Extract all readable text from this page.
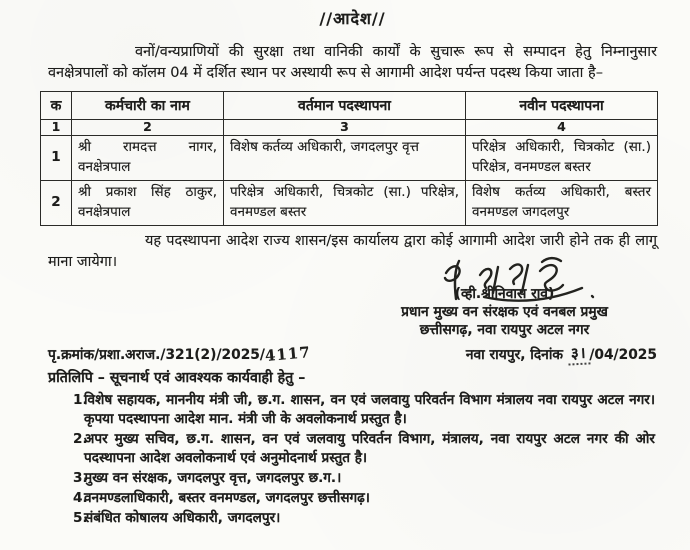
//आदेश//

वनों/वन्यप्राणियों की सुरक्षा तथा वानिकी कार्यों के सुचारू रूप से सम्पादन हेतु निम्नानुसार वनक्षेत्रपालों को कॉलम 04 में दर्शित स्थान पर अस्थायी रूप से आगामी आदेश पर्यन्त पदस्थ किया जाता है–

क	कर्मचारी का नाम	वर्तमान पदस्थापना	नवीन पदस्थापना
1	2	3	4
1	श्री रामदत्त नागर, वनक्षेत्रपाल	विशेष कर्तव्य अधिकारी, जगदलपुर वृत्त	परिक्षेत्र अधिकारी, चित्रकोट (सा.) परिक्षेत्र, वनमण्डल बस्तर
2	श्री प्रकाश सिंह ठाकुर, वनक्षेत्रपाल	परिक्षेत्र अधिकारी, चित्रकोट (सा.) परिक्षेत्र, वनमण्डल बस्तर	विशेष कर्तव्य अधिकारी, बस्तर वनमण्डल जगदलपुर

यह पदस्थापना आदेश राज्य शासन/इस कार्यालय द्वारा कोई आगामी आदेश जारी होने तक ही लागू माना जायेगा।

(व्ही.श्रीनिवास राव)
प्रधान मुख्य वन संरक्षक एवं वनबल प्रमुख
छत्तीसगढ़, नवा रायपुर अटल नगर
पृ.क्रमांक/प्रशा.अराज./321(2)/2025/4117	नवा रायपुर, दिनांक ३। /04/2025
प्रतिलिपि – सूचनार्थ एवं आवश्यक कार्यवाही हेतु –
1.
विशेष सहायक, माननीय मंत्री जी, छ.ग. शासन, वन एवं जलवायु परिवर्तन विभाग मंत्रालय नवा रायपुर अटल नगर। कृपया पदस्थापना आदेश मान. मंत्री जी के अवलोकनार्थ प्रस्तुत है।
2.
अपर मुख्य सचिव, छ.ग. शासन, वन एवं जलवायु परिवर्तन विभाग, मंत्रालय, नवा रायपुर अटल नगर की ओर पदस्थापना आदेश अवलोकनार्थ एवं अनुमोदनार्थ प्रस्तुत है।
3.
मुख्य वन संरक्षक, जगदलपुर वृत्त, जगदलपुर छ.ग.।
4.
वनमण्डलाधिकारी, बस्तर वनमण्डल, जगदलपुर छत्तीसगढ़।
5.
संबंधित कोषालय अधिकारी, जगदलपुर।
